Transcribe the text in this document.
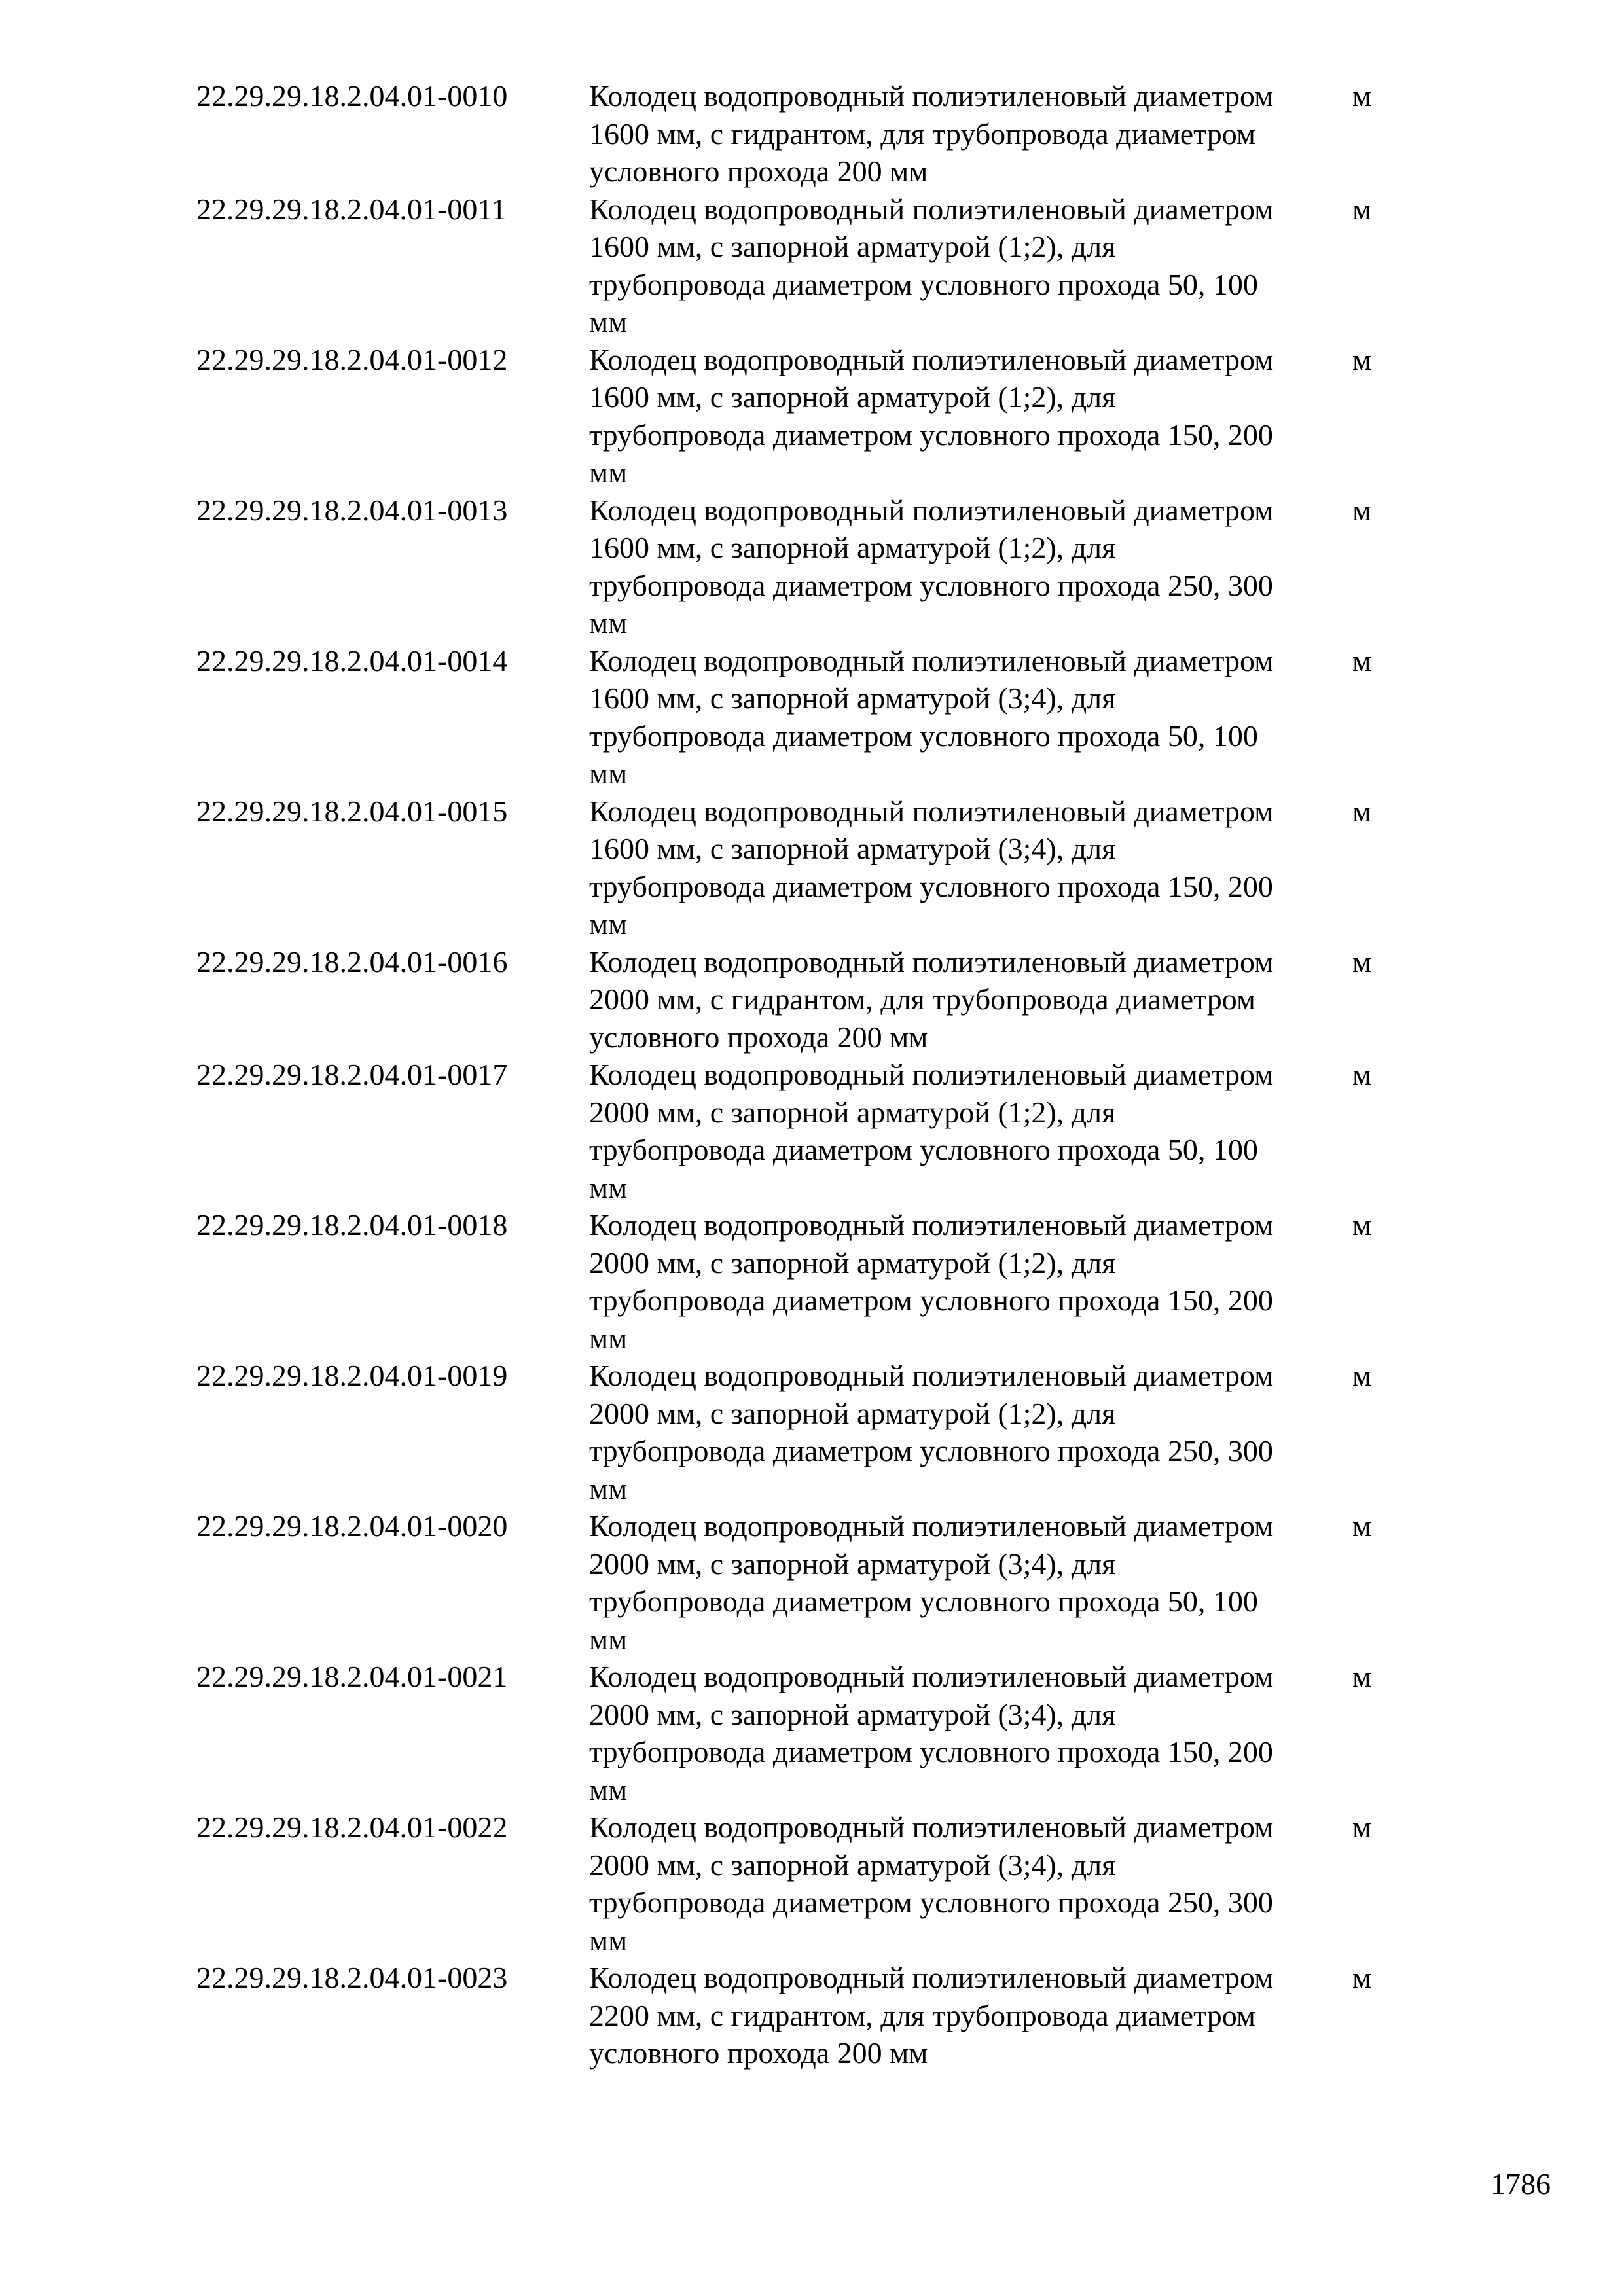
22.29.29.18.2.04.01-0010	Колодец водопроводный полиэтиленовый диаметром
1600 мм, с гидрантом, для трубопровода диаметром
условного прохода 200 мм
м
22.29.29.18.2.04.01-0011	Колодец водопроводный полиэтиленовый диаметром
1600 мм, с запорной арматурой (1;2), для
трубопровода диаметром условного прохода 50, 100
мм
м
22.29.29.18.2.04.01-0012	Колодец водопроводный полиэтиленовый диаметром
1600 мм, с запорной арматурой (1;2), для
трубопровода диаметром условного прохода 150, 200
мм
м
22.29.29.18.2.04.01-0013	Колодец водопроводный полиэтиленовый диаметром
1600 мм, с запорной арматурой (1;2), для
трубопровода диаметром условного прохода 250, 300
мм
м
22.29.29.18.2.04.01-0014	Колодец водопроводный полиэтиленовый диаметром
1600 мм, с запорной арматурой (3;4), для
трубопровода диаметром условного прохода 50, 100
мм
м
22.29.29.18.2.04.01-0015	Колодец водопроводный полиэтиленовый диаметром
1600 мм, с запорной арматурой (3;4), для
трубопровода диаметром условного прохода 150, 200
мм
м
22.29.29.18.2.04.01-0016	Колодец водопроводный полиэтиленовый диаметром
2000 мм, с гидрантом, для трубопровода диаметром
условного прохода 200 мм
м
22.29.29.18.2.04.01-0017	Колодец водопроводный полиэтиленовый диаметром
2000 мм, с запорной арматурой (1;2), для
трубопровода диаметром условного прохода 50, 100
мм
м
22.29.29.18.2.04.01-0018	Колодец водопроводный полиэтиленовый диаметром
2000 мм, с запорной арматурой (1;2), для
трубопровода диаметром условного прохода 150, 200
мм
м
22.29.29.18.2.04.01-0019	Колодец водопроводный полиэтиленовый диаметром
2000 мм, с запорной арматурой (1;2), для
трубопровода диаметром условного прохода 250, 300
мм
м
22.29.29.18.2.04.01-0020	Колодец водопроводный полиэтиленовый диаметром
2000 мм, с запорной арматурой (3;4), для
трубопровода диаметром условного прохода 50, 100
мм
м
22.29.29.18.2.04.01-0021	Колодец водопроводный полиэтиленовый диаметром
2000 мм, с запорной арматурой (3;4), для
трубопровода диаметром условного прохода 150, 200
мм
м
22.29.29.18.2.04.01-0022	Колодец водопроводный полиэтиленовый диаметром
2000 мм, с запорной арматурой (3;4), для
трубопровода диаметром условного прохода 250, 300
мм
м
22.29.29.18.2.04.01-0023	Колодец водопроводный полиэтиленовый диаметром
2200 мм, с гидрантом, для трубопровода диаметром
условного прохода 200 мм
м
1786
